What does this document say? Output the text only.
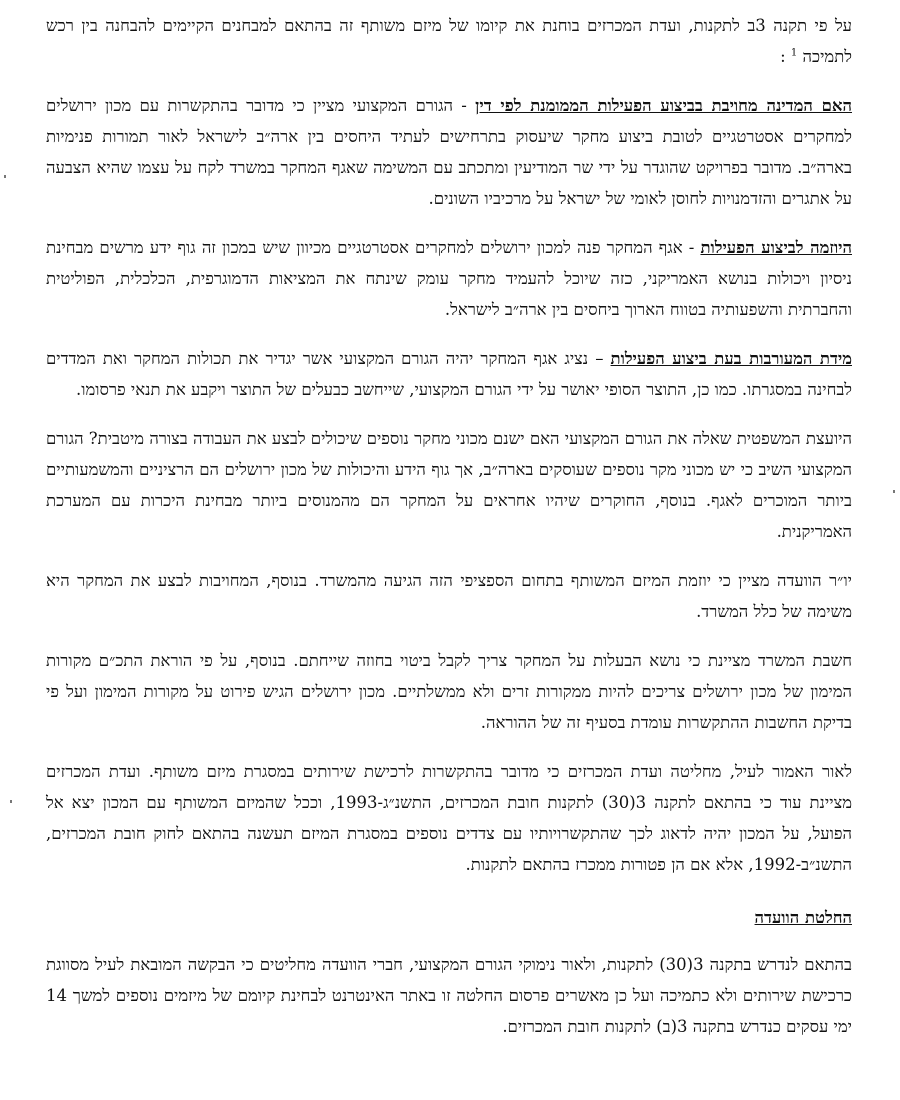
על פי תקנה 3ב לתקנות, ועדת המכרזים בוחנת את קיומו של מיזם משותף זה בהתאם למבחנים הקיימים להבחנה בין רכש לתמיכה $^1$ :

האם המדינה מחויבת בביצוע הפעילות הממומנת לפי דין - הגורם המקצועי מציין כי מדובר בהתקשרות עם מכון ירושלים למחקרים אסטרטגיים לטובת ביצוע מחקר שיעסוק בתרחישים לעתיד היחסים בין ארה״ב לישראל לאור תמורות פנימיות בארה״ב. מדובר בפרויקט שהוגדר על ידי שר המודיעין ומתכתב עם המשימה שאגף המחקר במשרד לקח על עצמו שהיא הצבעה על אתגרים והזדמנויות לחוסן לאומי של ישראל על מרכיביו השונים.

היוזמה לביצוע הפעילות - אגף המחקר פנה למכון ירושלים למחקרים אסטרטגיים מכיוון שיש במכון זה גוף ידע מרשים מבחינת ניסיון ויכולות בנושא האמריקני, כזה שיוכל להעמיד מחקר עומק שינתח את המציאות הדמוגרפית, הכלכלית, הפוליטית והחברתית והשפעותיה בטווח הארוך ביחסים בין ארה״ב לישראל.

מידת המעורבות בעת ביצוע הפעילות – נציג אגף המחקר יהיה הגורם המקצועי אשר יגדיר את תכולות המחקר ואת המדדים לבחינה במסגרתו. כמו כן, התוצר הסופי יאושר על ידי הגורם המקצועי, שייחשב כבעלים של התוצר ויקבע את תנאי פרסומו.

היועצת המשפטית שאלה את הגורם המקצועי האם ישנם מכוני מחקר נוספים שיכולים לבצע את העבודה בצורה מיטבית? הגורם המקצועי השיב כי יש מכוני מקר נוספים שעוסקים בארה״ב, אך גוף הידע והיכולות של מכון ירושלים הם הרציניים והמשמעותיים ביותר המוכרים לאגף. בנוסף, החוקרים שיהיו אחראים על המחקר הם מהמנוסים ביותר מבחינת היכרות עם המערכת האמריקנית.

יו״ר הוועדה מציין כי יוזמת המיזם המשותף בתחום הספציפי הזה הגיעה מהמשרד. בנוסף, המחויבות לבצע את המחקר היא משימה של כלל המשרד.

חשבת המשרד מציינת כי נושא הבעלות על המחקר צריך לקבל ביטוי בחוזה שייחתם. בנוסף, על פי הוראת התכ״ם מקורות המימון של מכון ירושלים צריכים להיות ממקורות זרים ולא ממשלתיים. מכון ירושלים הגיש פירוט על מקורות המימון ועל פי בדיקת החשבות ההתקשרות עומדת בסעיף זה של ההוראה.

לאור האמור לעיל, מחליטה ועדת המכרזים כי מדובר בהתקשרות לרכישת שירותים במסגרת מיזם משותף. ועדת המכרזים מציינת עוד כי בהתאם לתקנה 3(30) לתקנות חובת המכרזים, התשנ״ג-1993, וככל שהמיזם המשותף עם המכון יצא אל הפועל, על המכון יהיה לדאוג לכך שהתקשרויותיו עם צדדים נוספים במסגרת המיזם תעשנה בהתאם לחוק חובת המכרזים, התשנ״ב-1992, אלא אם הן פטורות ממכרז בהתאם לתקנות.

החלטת הוועדה

בהתאם לנדרש בתקנה 3(30) לתקנות, ולאור נימוקי הגורם המקצועי, חברי הוועדה מחליטים כי הבקשה המובאת לעיל מסווגת כרכישת שירותים ולא כתמיכה ועל כן מאשרים פרסום החלטה זו באתר האינטרנט לבחינת קיומם של מיזמים נוספים למשך 14 ימי עסקים כנדרש בתקנה 3(ב) לתקנות חובת המכרזים.
